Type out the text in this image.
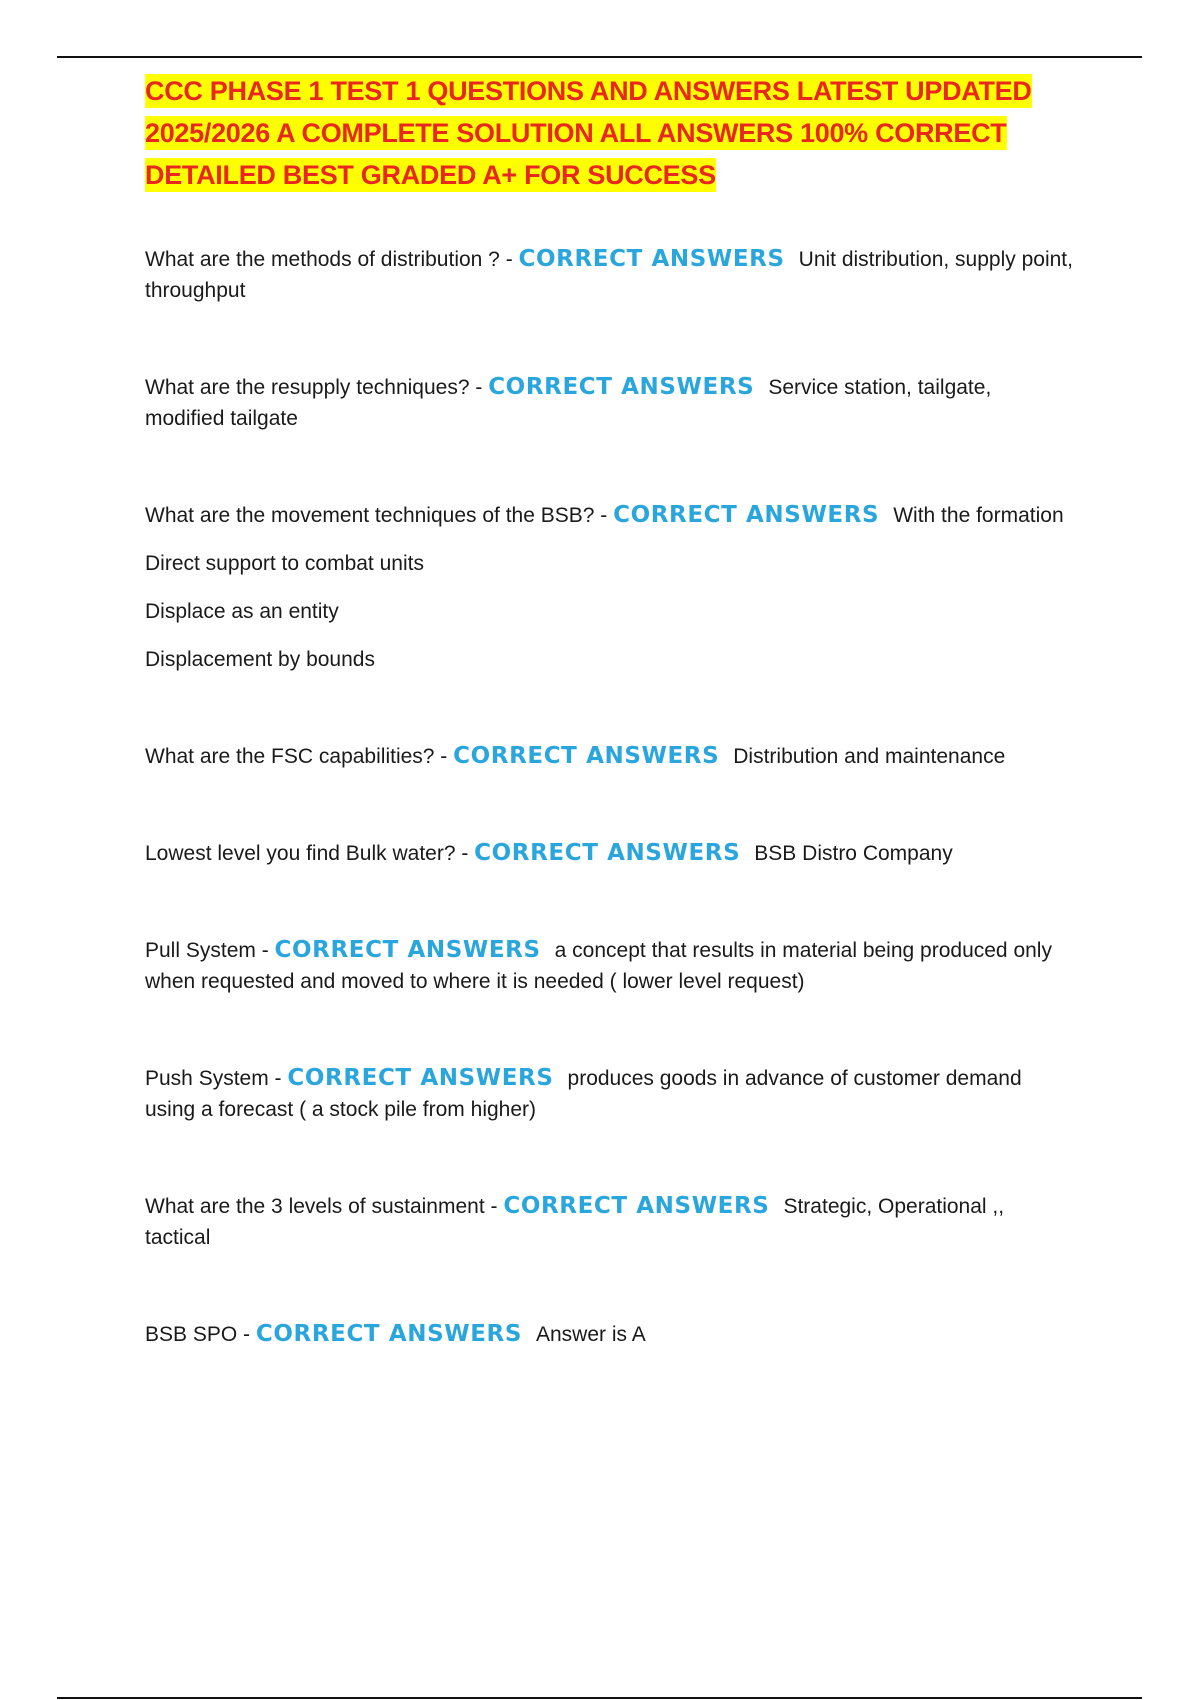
CCC PHASE 1 TEST 1 QUESTIONS AND ANSWERS LATEST UPDATED 2025/2026 A COMPLETE SOLUTION ALL ANSWERS 100% CORRECT DETAILED BEST GRADED A+ FOR SUCCESS

What are the methods of distribution ? - CORRECT ANSWERS Unit distribution, supply point, throughput

What are the resupply techniques? - CORRECT ANSWERS Service station, tailgate, modified tailgate

What are the movement techniques of the BSB? - CORRECT ANSWERS With the formation

Direct support to combat units

Displace as an entity

Displacement by bounds

What are the FSC capabilities? - CORRECT ANSWERS Distribution and maintenance

Lowest level you find Bulk water? - CORRECT ANSWERS BSB Distro Company

Pull System - CORRECT ANSWERS a concept that results in material being produced only when requested and moved to where it is needed ( lower level request)

Push System - CORRECT ANSWERS produces goods in advance of customer demand using a forecast ( a stock pile from higher)

What are the 3 levels of sustainment - CORRECT ANSWERS Strategic, Operational ,, tactical

BSB SPO - CORRECT ANSWERS Answer is A
